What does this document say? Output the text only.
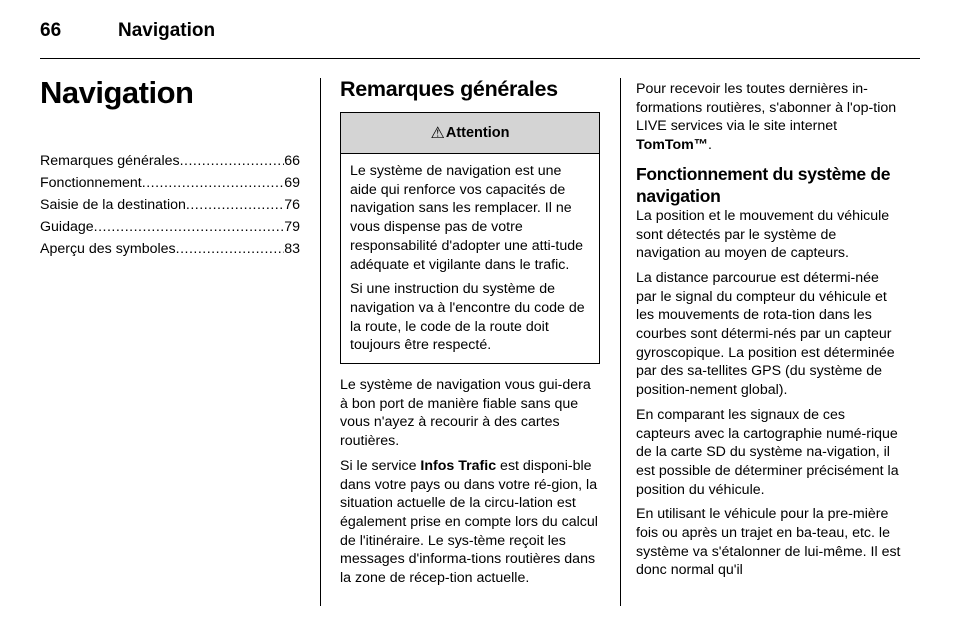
66	Navigation
Navigation
Remarques générales .....	66
Fonctionnement .....	69
Saisie de la destination .....	76
Guidage .....	79
Aperçu des symboles .....	83
Remarques générales
⚠ Attention

Le système de navigation est une aide qui renforce vos capacités de navigation sans les remplacer. Il ne vous dispense pas de votre responsabilité d'adopter une atti-tude adéquate et vigilante dans le trafic.

Si une instruction du système de navigation va à l'encontre du code de la route, le code de la route doit toujours être respecté.

Le système de navigation vous gui-dera à bon port de manière fiable sans que vous n'ayez à recourir à des cartes routières.

Si le service Infos Trafic est disponi-ble dans votre pays ou dans votre ré-gion, la situation actuelle de la circu-lation est également prise en compte lors du calcul de l'itinéraire. Le sys-tème reçoit les messages d'informa-tions routières dans la zone de récep-tion actuelle.

Pour recevoir les toutes dernières in-formations routières, s'abonner à l'op-tion LIVE services via le site internet TomTom™.

Fonctionnement du système de navigation

La position et le mouvement du véhicule sont détectés par le système de navigation au moyen de capteurs.

La distance parcourue est détermi-née par le signal du compteur du véhicule et les mouvements de rota-tion dans les courbes sont détermi-nés par un capteur gyroscopique. La position est déterminée par des sa-tellites GPS (du système de position-nement global).

En comparant les signaux de ces capteurs avec la cartographie numé-rique de la carte SD du système na-vigation, il est possible de déterminer précisément la position du véhicule.

En utilisant le véhicule pour la pre-mière fois ou après un trajet en ba-teau, etc. le système va s'étalonner de lui-même. Il est donc normal qu'il
